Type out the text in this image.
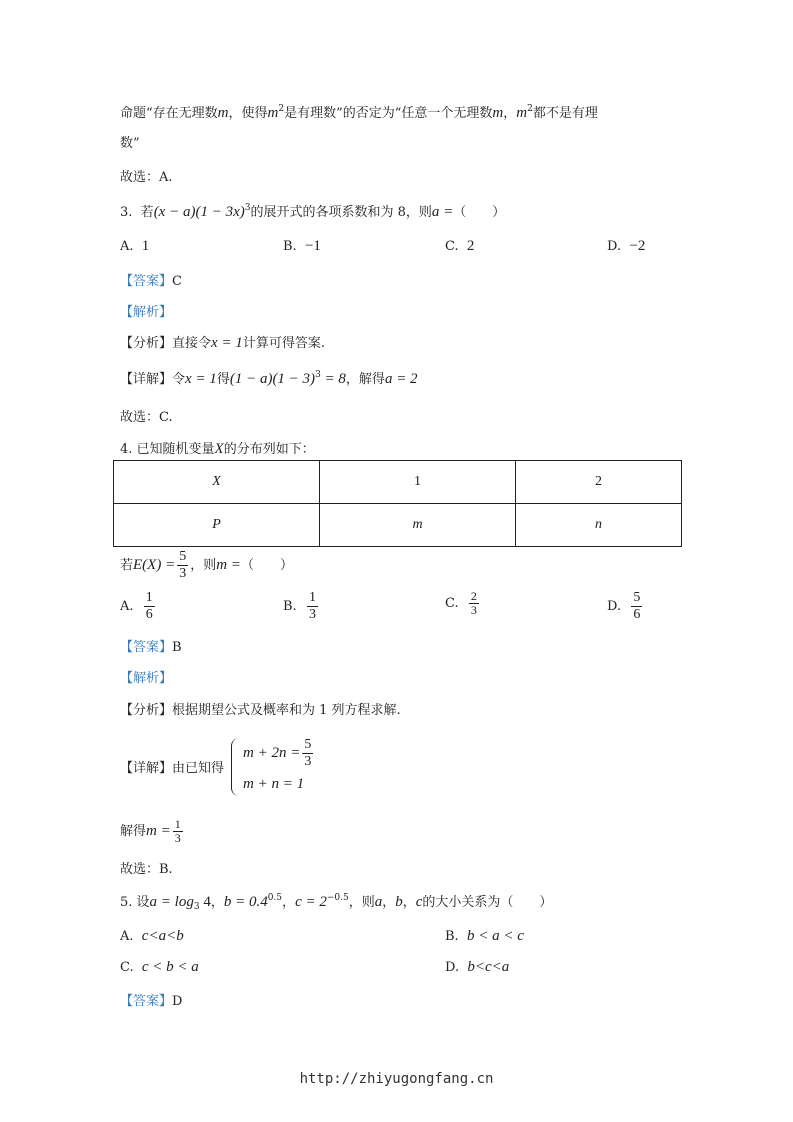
命题“存在无理数m，使得$m^2$是有理数”的否定为“任意一个无理数m，$m^2$都不是有理
数”
故选：A.
3. 若$(x - a)(1 - 3x)^3$的展开式的各项系数和为 8，则a =（　　）
A. 1	B. −1	C. 2	D. −2
【答案】C
【解析】
【分析】直接令x = 1计算可得答案.
【详解】令x = 1得$(1 - a)(1 - 3)^3 = 8$，解得a = 2
故选：C.
4. 已知随机变量X的分布列如下：
X	1	2
P	m	n
若$E(X) = \frac{5}{3}$ ，则m =（　　）
A. $\frac{1}{6}$	B. $\frac{1}{3}$	C. $\frac{2}{3}$	D. $\frac{5}{6}$
【答案】B
【解析】
【分析】根据期望公式及概率和为 1 列方程求解.
【详解】由已知得
$m + 2n = \frac{5}{3}$
m + n = 1
解得$m = \frac{1}{3}$
故选：B.
5. 设$a = \log_3 4$，$b = 0.4^{0.5}$，$c = 2^{-0.5}$，则a，b，c的大小关系为（　　）
A. c<a<b	B. b < a < c
C. c < b < a	D. b<c<a
【答案】D
http://zhiyugongfang.cn
